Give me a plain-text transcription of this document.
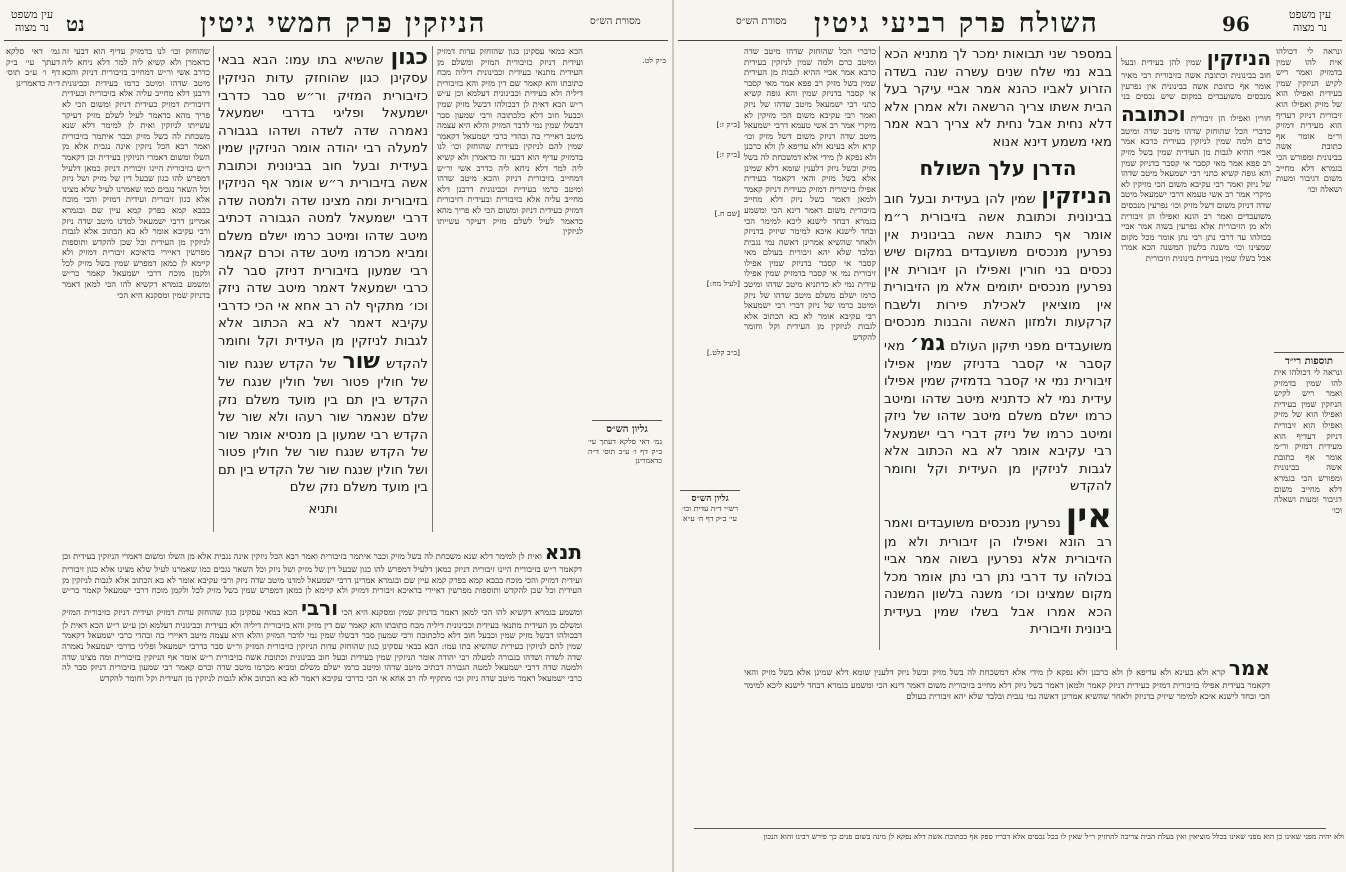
עין משפט נר מצוה נט	הניזקין פרק חמשי גיטין	מסורת הש״ס
גמ׳ דאי סלקא דעתך עי׳ ב״ק דף ו׳ ע״ב תוס׳ ד״ה כדאמרינן
שהוחזק וכו׳ לנו בדמזיק עדיף הוא דבעי זה כדאמרן ולא קשיא ליה למר דלא ניחא ליה כדרב אשי ור״ש דמחייב בזיבורית דניזק והכא מיטב שדהו ומיטב כרמו בעידית וכבינונית דרבנן דלא מחייב עליה אלא בזיבורית ובעידית דזיבורית דמזיק כעידית דניזק ומשום הכי לא פריך מהא כדאמר לעיל לשלם מזיק דעיקר עשייתו לניזקין ואית לן למימר דלא שנא משכחת לה בשל מזיק וכבר איתמר בזיבורית ואמר רבא הכל ניזקין אינה נגבית אלא מן השלו ומשום דאמרי הניזקין בעידית וכן דקאמר ר״ש בזיבורית היינו זיבורית דניזק כמאן דלעיל דמפרש להו כגון שבעל דין של מזיק ושל ניזק וכל השאר נגבים כמו שאמרנו לעיל שלא מצינו אלא כגון זיבורית ועידית דמזיק והכי מוכח בבבא קמא בפרק קמא עיין שם ובגמרא אמרינן דרבי ישמעאל למדנו מיטב שדה ניזק ורבי עקיבא אומר לא בא הכתוב אלא לגבות לניזקין מן העידית וכל שכן להקדש ותוספות מפרשין דאיירי בדאיכא זיבורית דמזיק ולא קיימא לן כמאן דמפרש שמין בשל מזיק לכל ולקמן מוכח דרבי ישמעאל קאמר כר״ש ומשמע בגמרא דקשיא להו הכי למאן דאמר בדניזק שמין ומסקנא היא הכי
כגון שהשיא בתו עמו: הבא בבאי עסקינן כגון שהוחזק עדות הניזקין כזיבורית המזיק ור״ש סבר כדרבי ישמעאל ופליגי בדרבי ישמעאל נאמרה שדה לשדה ושדהו בגבורה למעלה רבי יהודה אומר הניזקין שמין בעידית ובעל חוב בבינונית וכתובת אשה בזיבורית ר״ש אומר אף הניזקין בזיבורית ומה מצינו שדה ולמטה שדה דרבי ישמעאל למטה הגבורה דכתיב מיטב שדהו ומיטב כרמו ישלם משלם ומביא מכרמו מיטב שדה וכרם קאמר רבי שמעון בזיבורית דניזק סבר לה כרבי ישמעאל דאמר מיטב שדה ניזק וכו׳ מתקיף לה רב אחא אי הכי כדרבי עקיבא דאמר לא בא הכתוב אלא לגבות לניזקין מן העידית וקל וחומר להקדש שור של הקדש שנגח שור של חולין פטור ושל חולין שנגח של הקדש בין תם בין מועד משלם נזק שלם שנאמר שור רעהו ולא שור של הקדש רבי שמעון בן מנסיא אומר שור של הקדש שנגח שור של חולין פטור ושל חולין שנגח שור של הקדש בין תם בין מועד משלם נזק שלם
ותניא
הכא במאי עסקינן כגון שהוחזק עדות דמזיק ועידית דניזק כזיבורית המזיק ומשלם מן העידית מתנאי בעידית וכבינונית דיליה מכח כתובתו והא קאמר שם דין מזיק והא בזיבורית דיליה ולא בעידית וכבינונית דעלמא וכן ע״ש ר״ש הכא דאית לן דבכולהו דבשל מזיק שמין וכבעל חוב דלא כלכתובה ורבי שמעון סבר דבשלו שמין נמי לדבר המזיק והלא היא עצמה מיטב דאיירי בה ובהדי כרבי ישמעאל דקאמר שמין להם לניזקין בעידית שהוחזק וכו׳ לנו בדמזיק עדיף הוא דבעי זה כדאמרן ולא קשיא ליה למר דלא ניחא ליה כדרב אשי ור״ש דמחייב בזיבורית דניזק והכא מיטב שדהו ומיטב כרמו בעידית וכבינונית דרבנן דלא מחייב עליה אלא בזיבורית ובעידית דזיבורית דמזיק כעידית דניזק ומשום הכי לא פריך מהא כדאמר לעיל לשלם מזיק דעיקר עשייתו לניזקין
גליון הש״ס
גמ׳ דאי סלקא דעתך עי׳ ב״ק דף ו׳ ע״ב תוס׳ ד״ה כדאמרינן
ב״ק לט.
תנא ואית לן למימר דלא שנא משכחת לה בשל מזיק וכבר איתמר בזיבורית ואמר רבא הכל ניזקין אינה נגבית אלא מן השלו ומשום דאמרי הניזקין בעידית וכן דקאמר ר״ש בזיבורית היינו זיבורית דניזק כמאן דלעיל דמפרש להו כגון שבעל דין של מזיק ושל ניזק וכל השאר נגבים כמו שאמרנו לעיל שלא מצינו אלא כגון זיבורית ועידית דמזיק והכי מוכח בבבא קמא בפרק קמא עיין שם ובגמרא אמרינן דרבי ישמעאל למדנו מיטב שדה ניזק ורבי עקיבא אומר לא בא הכתוב אלא לגבות לניזקין מן העידית וכל שכן להקדש ותוספות מפרשין דאיירי בדאיכא זיבורית דמזיק ולא קיימא לן כמאן דמפרש שמין בשל מזיק לכל ולקמן מוכח דרבי ישמעאל קאמר כר״ש ומשמע בגמרא דקשיא להו הכי למאן דאמר בדניזק שמין ומסקנא היא הכי ורבי הכא במאי עסקינן כגון שהוחזק עדות דמזיק ועידית דניזק כזיבורית המזיק ומשלם מן העידית מתנאי בעידית וכבינונית דיליה מכח כתובתו והא קאמר שם דין מזיק והא בזיבורית דיליה ולא בעידית וכבינונית דעלמא וכן ע״ש ר״ש הכא דאית לן דבכולהו דבשל מזיק שמין וכבעל חוב דלא כלכתובה ורבי שמעון סבר דבשלו שמין נמי לדבר המזיק והלא היא עצמה מיטב דאיירי בה ובהדי כרבי ישמעאל דקאמר שמין להם לניזקין בעידית שהשיא בתו עמו: הבא בבאי עסקינן כגון שהוחזק עדות הניזקין כזיבורית המזיק ור״ש סבר כדרבי ישמעאל ופליגי בדרבי ישמעאל נאמרה שדה לשדה ושדהו בגבורה למעלה רבי יהודה אומר הניזקין שמין בעידית ובעל חוב בבינונית וכתובת אשה בזיבורית ר״ש אומר אף הניזקין בזיבורית ומה מצינו שדה ולמטה שדה דרבי ישמעאל למטה הגבורה דכתיב מיטב שדהו ומיטב כרמו ישלם משלם ומביא מכרמו מיטב שדה וכרם קאמר רבי שמעון בזיבורית דניזק סבר לה כרבי ישמעאל דאמר מיטב שדה ניזק וכו׳ מתקיף לה רב אחא אי הכי כדרבי עקיבא דאמר לא בא הכתוב אלא לגבות לניזקין מן העידית וקל וחומר להקדש
מסורת הש״ס השולח פרק רביעי גיטין	96	עין משפט נר מצוה
[ב״ק ז:]
[ב״ק ז:]
[שם ח.]
[לעיל מח:]
[ב״ב קלט.]
גליון הש״ס
רש״י ד״ה עדית וכו׳ עי׳ ב״ק דף ח׳ ע״א
כדברי הכל שהוחזק שדהו מיטב שדה ומיטב כרם ולמה שמין לניזקין בעידית כרבא אמר אביי ההיא לגבות מן העידית שמין בשל מזיק רב פפא אמר מאי קסבר אי קסבר בדניזק שמין והא גופה קשיא כתני רבי ישמעאל מיטב שדהו של ניזק ואמר רבי עקיבא משום הכי מזיקין לא מיקרי אמר רב אשי טעמא דרבי ישמעאל מיטב שדה דניזק משום דשל מזיק וכו׳ קרא ולא בעינא ולא עדיפא לן ולא כרבנן ולא נפקא לן מידי אלא דמשכחת לה בשל מזיק ובשל ניזק דלענין שומא דלא שמינן אלא בשל מזיק והאי דקאמר בעידית אפילו בזיבורית דמזיק כעידית דניזק קאמר ולמאן דאמר בשל ניזק דלא מחייב בזיבורית משום דאמר דינא הכי ומשמע בגמרא דבחד לישנא ליכא למימר הכי ובחד לישנא איכא למימר שיזיק בדניזק ולאחר שהשיא אמרינן דאשה נמי נגבית ובלבד שלא יהא זיבורית בעולם מאי קסבר אי קסבר בדניזק שמין אפילו זיבורית נמי אי קסבר בדמזיק שמין אפילו עידית נמי לא כדתניא מיטב שדהו ומיטב כרמו ישלם משלם מיטב שדהו של ניזק ומיטב כרמו של ניזק דברי רבי ישמעאל רבי עקיבא אומר לא בא הכתוב אלא לגבות לניזקין מן העידית וקל וחומר להקדש
במספר שני תבואות ימכר לך מתניא הכא בבא נמי שלח שנים עשרה שנה בשדה הזרוע לאביו כהנא אמר אביי עיקר בעל הבית אשתו צריך הרשאה ולא אמרן אלא דלא נחית אבל נחית לא צריך רבא אמר מאי משמע דינא אנוא
הדרן עלך השולח
הניזקין שמין להן בעידית ובעל חוב בבינונית וכתובת אשה בזיבורית ר״מ אומר אף כתובת אשה בבינונית אין נפרעין מנכסים משועבדים במקום שיש נכסים בני חורין ואפילו הן זיבורית אין נפרעין מנכסים יתומים אלא מן הזיבורית אין מוציאין לאכילת פירות ולשבח קרקעות ולמזון האשה והבנות מנכסים משועבדים מפני תיקון העולם גמ׳ מאי קסבר אי קסבר בדניזק שמין אפילו זיבורית נמי אי קסבר בדמזיק שמין אפילו עידית נמי לא כדתניא מיטב שדהו ומיטב כרמו ישלם משלם מיטב שדהו של ניזק ומיטב כרמו של ניזק דברי רבי ישמעאל רבי עקיבא אומר לא בא הכתוב אלא לגבות לניזקין מן העידית וקל וחומר להקדש
אין נפרעין מנכסים משועבדים ואמר רב הונא ואפילו הן זיבורית ולא מן הזיבורית אלא נפרעין בשוה אמר אביי בכולהו עד דרבי נתן רבי נתן אומר מכל מקום שמצינו וכו׳ משנה בלשון המשנה הכא אמרו אבל בשלו שמין בעידית בינונית וזיבורית
הניזקין שמין להן בעידית ובעל חוב בבינונית וכתובת אשה בזיבורית רבי מאיר אומר אף כתובת אשה בבינונית אין נפרעין מנכסים משועבדים במקום שיש נכסים בני חורין ואפילו הן זיבורית וכתובה כדברי הכל שהוחזק שדהו מיטב שדה ומיטב כרם ולמה שמין לניזקין בעידית כרבא אמר אביי ההיא לגבות מן העידית שמין בשל מזיק רב פפא אמר מאי קסבר אי קסבר בדניזק שמין והא גופה קשיא כתני רבי ישמעאל מיטב שדהו של ניזק ואמר רבי עקיבא משום הכי מזיקין לא מיקרי אמר רב אשי טעמא דרבי ישמעאל מיטב שדה דניזק משום דשל מזיק וכו׳ נפרעין מנכסים משועבדים ואמר רב הונא ואפילו הן זיבורית ולא מן הזיבורית אלא נפרעין בשוה אמר אביי בכולהו עד דרבי נתן רבי נתן אומר מכל מקום שמצינו וכו׳ משנה בלשון המשנה הכא אמרו אבל בשלו שמין בעידית בינונית וזיבורית
ונראה לי דכולהו אית להו שמין בדמזיק ואמר ריש לקיש הניזקין שמין בעידית ואפילו הוא של מזיק ואפילו הוא זיבורית דניזק דעדיף הוא מעידית דמזיק ור״מ אומר אף כתובת אשה בבינונית ומפורש הכי בגמרא דלא מחייב משום דגיבור ומעות ושאלה וכו׳
תוספות רי״ד
ונראה לי דכולהו אית להו שמין בדמזיק ואמר ריש לקיש הניזקין שמין בעידית ואפילו הוא של מזיק ואפילו הוא זיבורית דניזק דעדיף הוא מעידית דמזיק ור״מ אומר אף כתובת אשה בבינונית ומפורש הכי בגמרא דלא מחייב משום דגיבור ומעות ושאלה וכו׳
אמר קרא ולא בעינא ולא עדיפא לן ולא כרבנן ולא נפקא לן מידי אלא דמשכחת לה בשל מזיק ובשל ניזק דלענין שומא דלא שמינן אלא בשל מזיק והאי דקאמר בעידית אפילו בזיבורית דמזיק כעידית דניזק קאמר ולמאן דאמר בשל ניזק דלא מחייב בזיבורית משום דאמר דינא הכי ומשמע בגמרא דבחד לישנא ליכא למימר הכי ובחד לישנא איכא למימר שיזיק בדניזק ולאחר שהשיא אמרינן דאשה נמי נגבית ובלבד שלא יהא זיבורית בעולם
ולא יהיה מפני שאינו כן הוא מפני שאינו בכלל מוציאין ואין בעלת הבית צריכה להחזיק ר״ל שאין לו בכל נכסים אלא דבריו ספק אף בכתובת אשה דלא נפקא לן מינה בשום פנים כך פירש רבינו והוא הנכון
